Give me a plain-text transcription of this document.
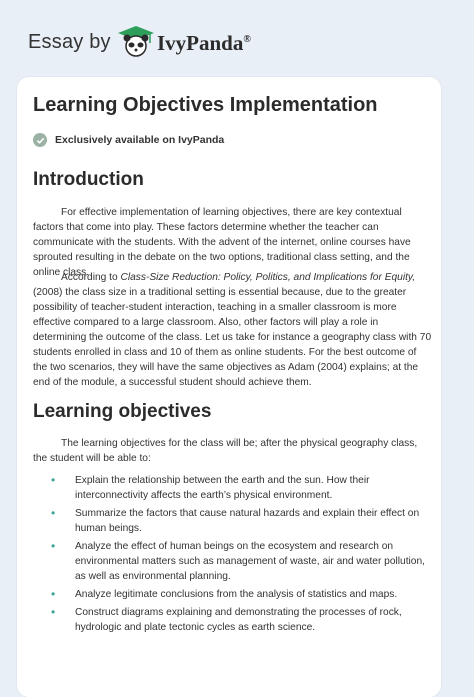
Essay by IvyPanda®
Learning Objectives Implementation
Exclusively available on IvyPanda
Introduction
For effective implementation of learning objectives, there are key contextual factors that come into play. These factors determine whether the teacher can communicate with the students. With the advent of the internet, online courses have sprouted resulting in the debate on the two options, traditional class setting, and the online class.
According to Class-Size Reduction: Policy, Politics, and Implications for Equity, (2008) the class size in a traditional setting is essential because, due to the greater possibility of teacher-student interaction, teaching in a smaller classroom is more effective compared to a large classroom. Also, other factors will play a role in determining the outcome of the class. Let us take for instance a geography class with 70 students enrolled in class and 10 of them as online students. For the best outcome of the two scenarios, they will have the same objectives as Adam (2004) explains; at the end of the module, a successful student should achieve them.
Learning objectives
The learning objectives for the class will be; after the physical geography class, the student will be able to:
• Explain the relationship between the earth and the sun. How their interconnectivity affects the earth’s physical environment.
• Summarize the factors that cause natural hazards and explain their effect on human beings.
• Analyze the effect of human beings on the ecosystem and research on environmental matters such as management of waste, air and water pollution, as well as environmental planning.
• Analyze legitimate conclusions from the analysis of statistics and maps.
• Construct diagrams explaining and demonstrating the processes of rock, hydrologic and plate tectonic cycles as earth science.
